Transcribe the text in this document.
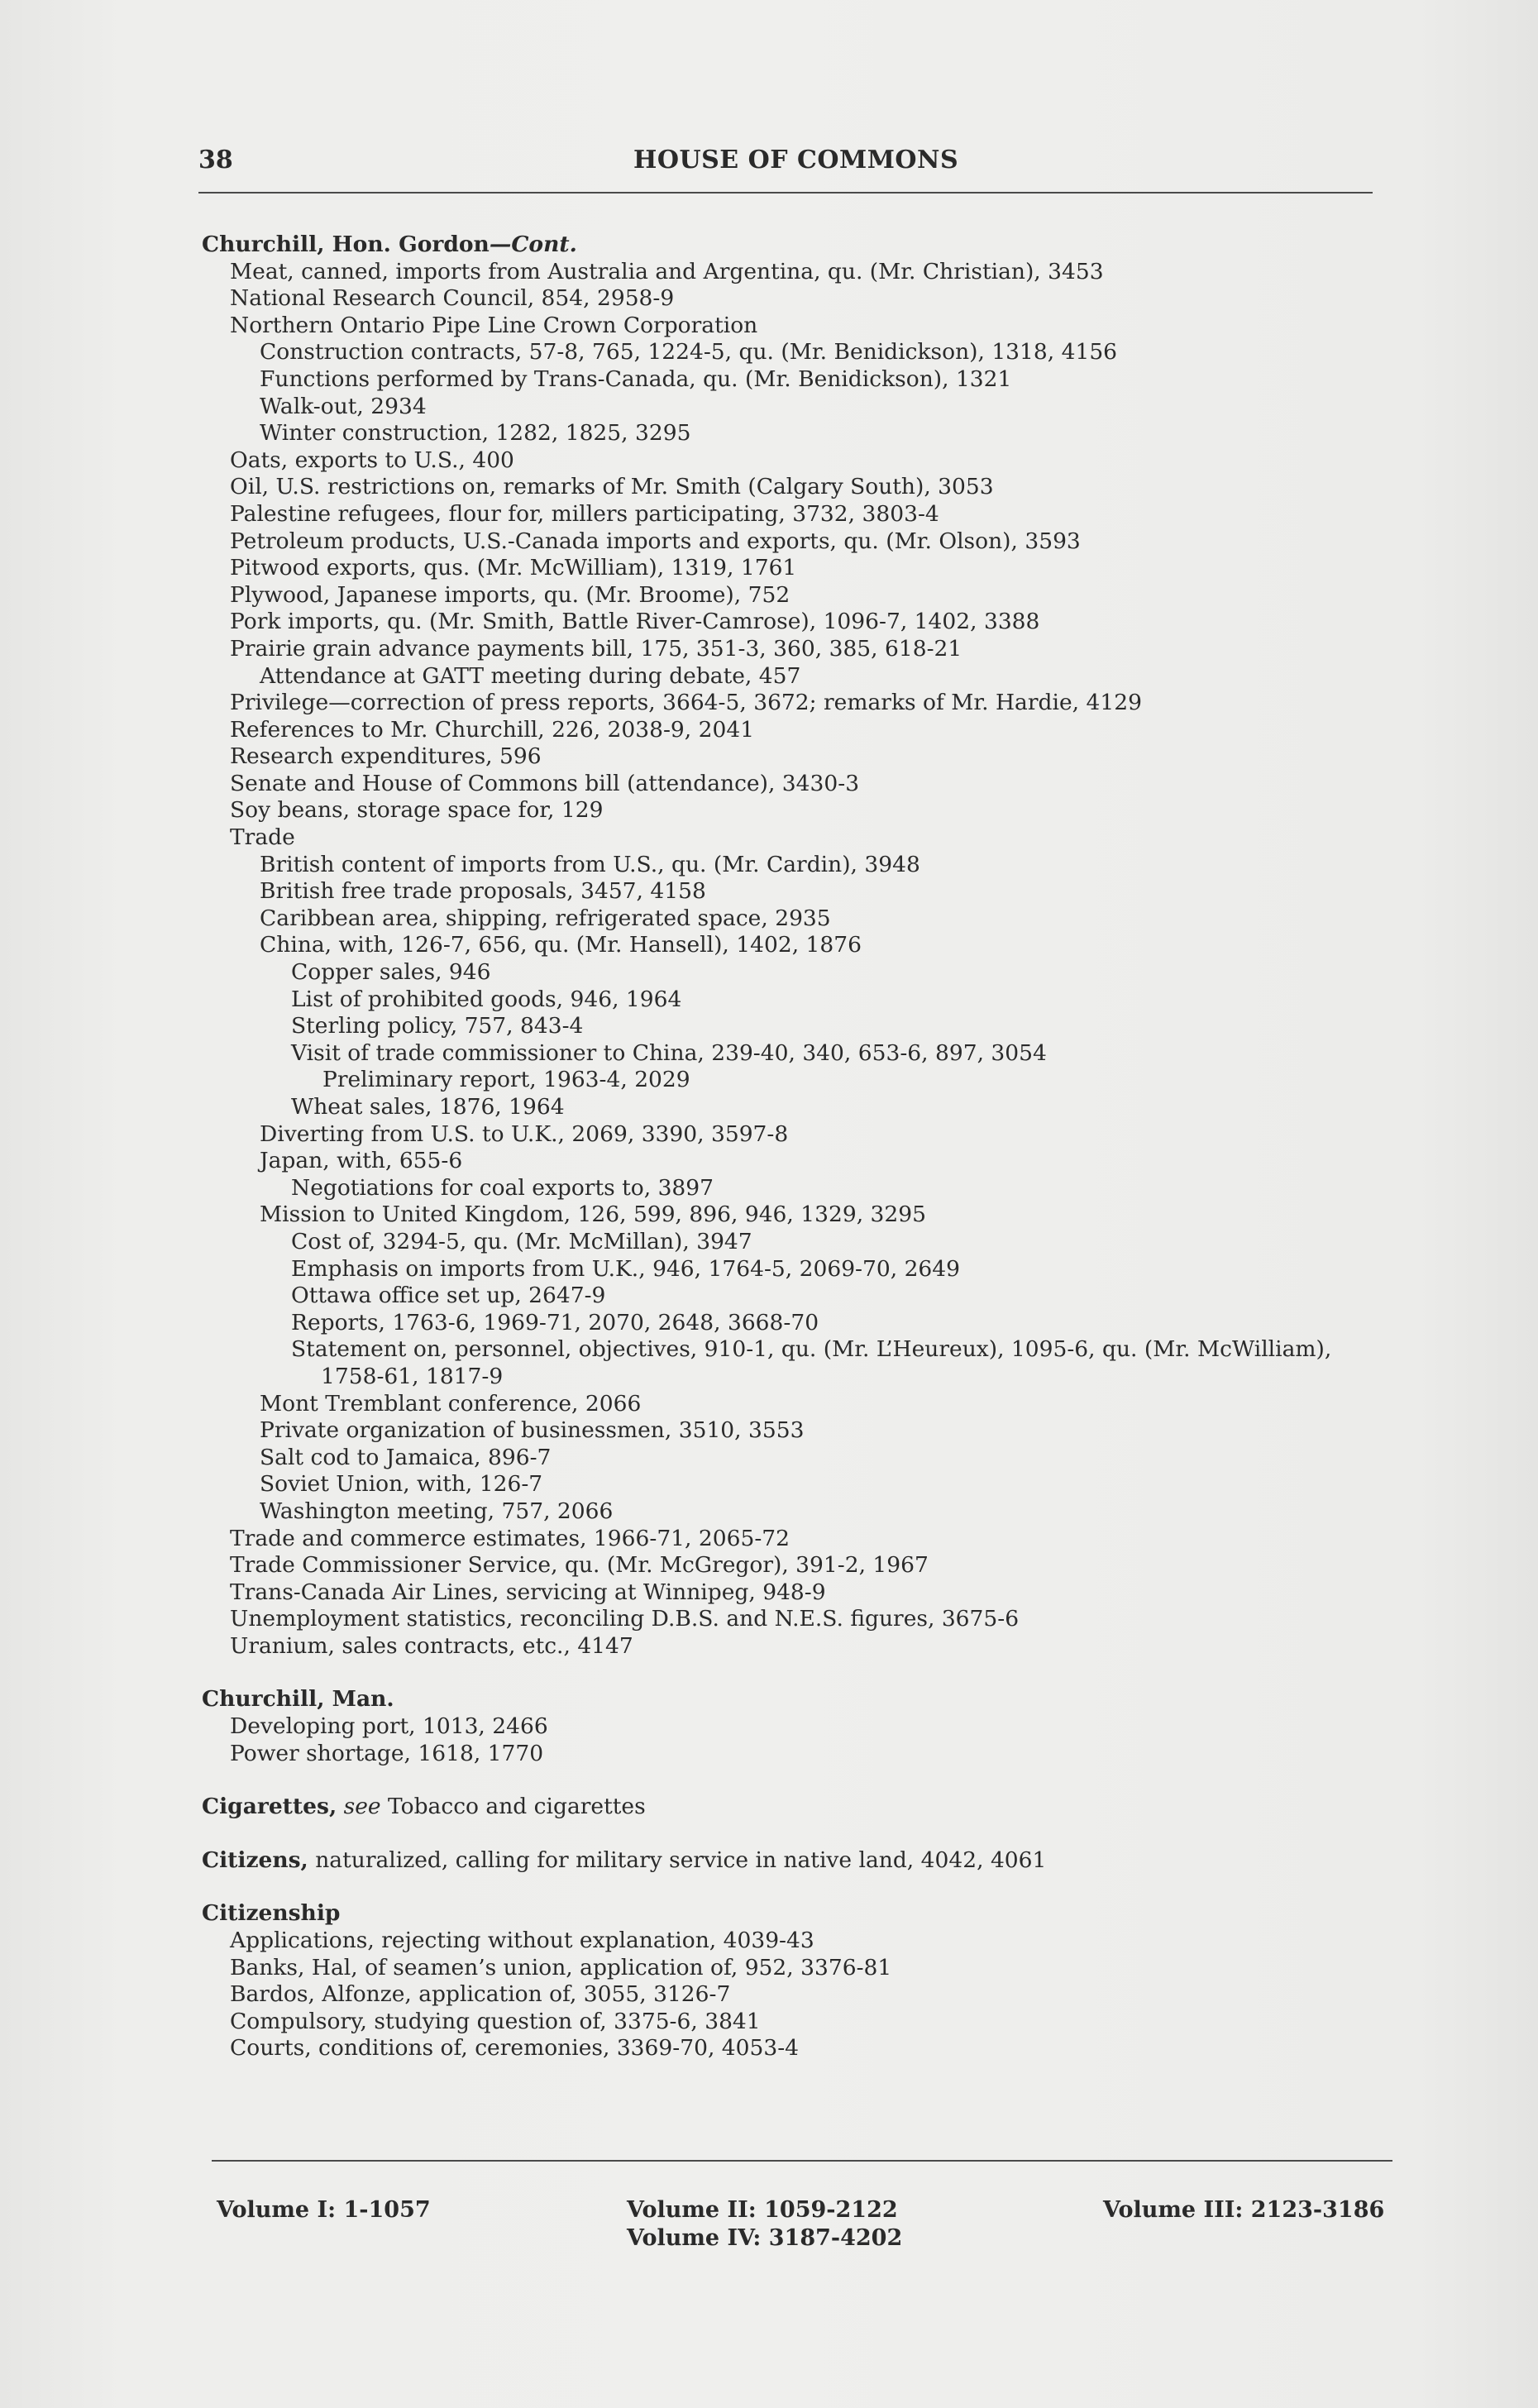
38	HOUSE OF COMMONS
Churchill, Hon. Gordon—Cont.
Meat, canned, imports from Australia and Argentina, qu. (Mr. Christian), 3453
National Research Council, 854, 2958-9
Northern Ontario Pipe Line Crown Corporation
Construction contracts, 57-8, 765, 1224-5, qu. (Mr. Benidickson), 1318, 4156
Functions performed by Trans-Canada, qu. (Mr. Benidickson), 1321
Walk-out, 2934
Winter construction, 1282, 1825, 3295
Oats, exports to U.S., 400
Oil, U.S. restrictions on, remarks of Mr. Smith (Calgary South), 3053
Palestine refugees, flour for, millers participating, 3732, 3803-4
Petroleum products, U.S.-Canada imports and exports, qu. (Mr. Olson), 3593
Pitwood exports, qus. (Mr. McWilliam), 1319, 1761
Plywood, Japanese imports, qu. (Mr. Broome), 752
Pork imports, qu. (Mr. Smith, Battle River-Camrose), 1096-7, 1402, 3388
Prairie grain advance payments bill, 175, 351-3, 360, 385, 618-21
Attendance at GATT meeting during debate, 457
Privilege—correction of press reports, 3664-5, 3672; remarks of Mr. Hardie, 4129
References to Mr. Churchill, 226, 2038-9, 2041
Research expenditures, 596
Senate and House of Commons bill (attendance), 3430-3
Soy beans, storage space for, 129
Trade
British content of imports from U.S., qu. (Mr. Cardin), 3948
British free trade proposals, 3457, 4158
Caribbean area, shipping, refrigerated space, 2935
China, with, 126-7, 656, qu. (Mr. Hansell), 1402, 1876
Copper sales, 946
List of prohibited goods, 946, 1964
Sterling policy, 757, 843-4
Visit of trade commissioner to China, 239-40, 340, 653-6, 897, 3054
Preliminary report, 1963-4, 2029
Wheat sales, 1876, 1964
Diverting from U.S. to U.K., 2069, 3390, 3597-8
Japan, with, 655-6
Negotiations for coal exports to, 3897
Mission to United Kingdom, 126, 599, 896, 946, 1329, 3295
Cost of, 3294-5, qu. (Mr. McMillan), 3947
Emphasis on imports from U.K., 946, 1764-5, 2069-70, 2649
Ottawa office set up, 2647-9
Reports, 1763-6, 1969-71, 2070, 2648, 3668-70
Statement on, personnel, objectives, 910-1, qu. (Mr. L’Heureux), 1095-6, qu. (Mr. McWilliam), 1758-61, 1817-9
Mont Tremblant conference, 2066
Private organization of businessmen, 3510, 3553
Salt cod to Jamaica, 896-7
Soviet Union, with, 126-7
Washington meeting, 757, 2066
Trade and commerce estimates, 1966-71, 2065-72
Trade Commissioner Service, qu. (Mr. McGregor), 391-2, 1967
Trans-Canada Air Lines, servicing at Winnipeg, 948-9
Unemployment statistics, reconciling D.B.S. and N.E.S. figures, 3675-6
Uranium, sales contracts, etc., 4147
Churchill, Man.
Developing port, 1013, 2466
Power shortage, 1618, 1770
Cigarettes, see Tobacco and cigarettes
Citizens, naturalized, calling for military service in native land, 4042, 4061
Citizenship
Applications, rejecting without explanation, 4039-43
Banks, Hal, of seamen’s union, application of, 952, 3376-81
Bardos, Alfonze, application of, 3055, 3126-7
Compulsory, studying question of, 3375-6, 3841
Courts, conditions of, ceremonies, 3369-70, 4053-4
Volume I: 1-1057	Volume II: 1059-2122
Volume IV: 3187-4202
Volume III: 2123-3186
